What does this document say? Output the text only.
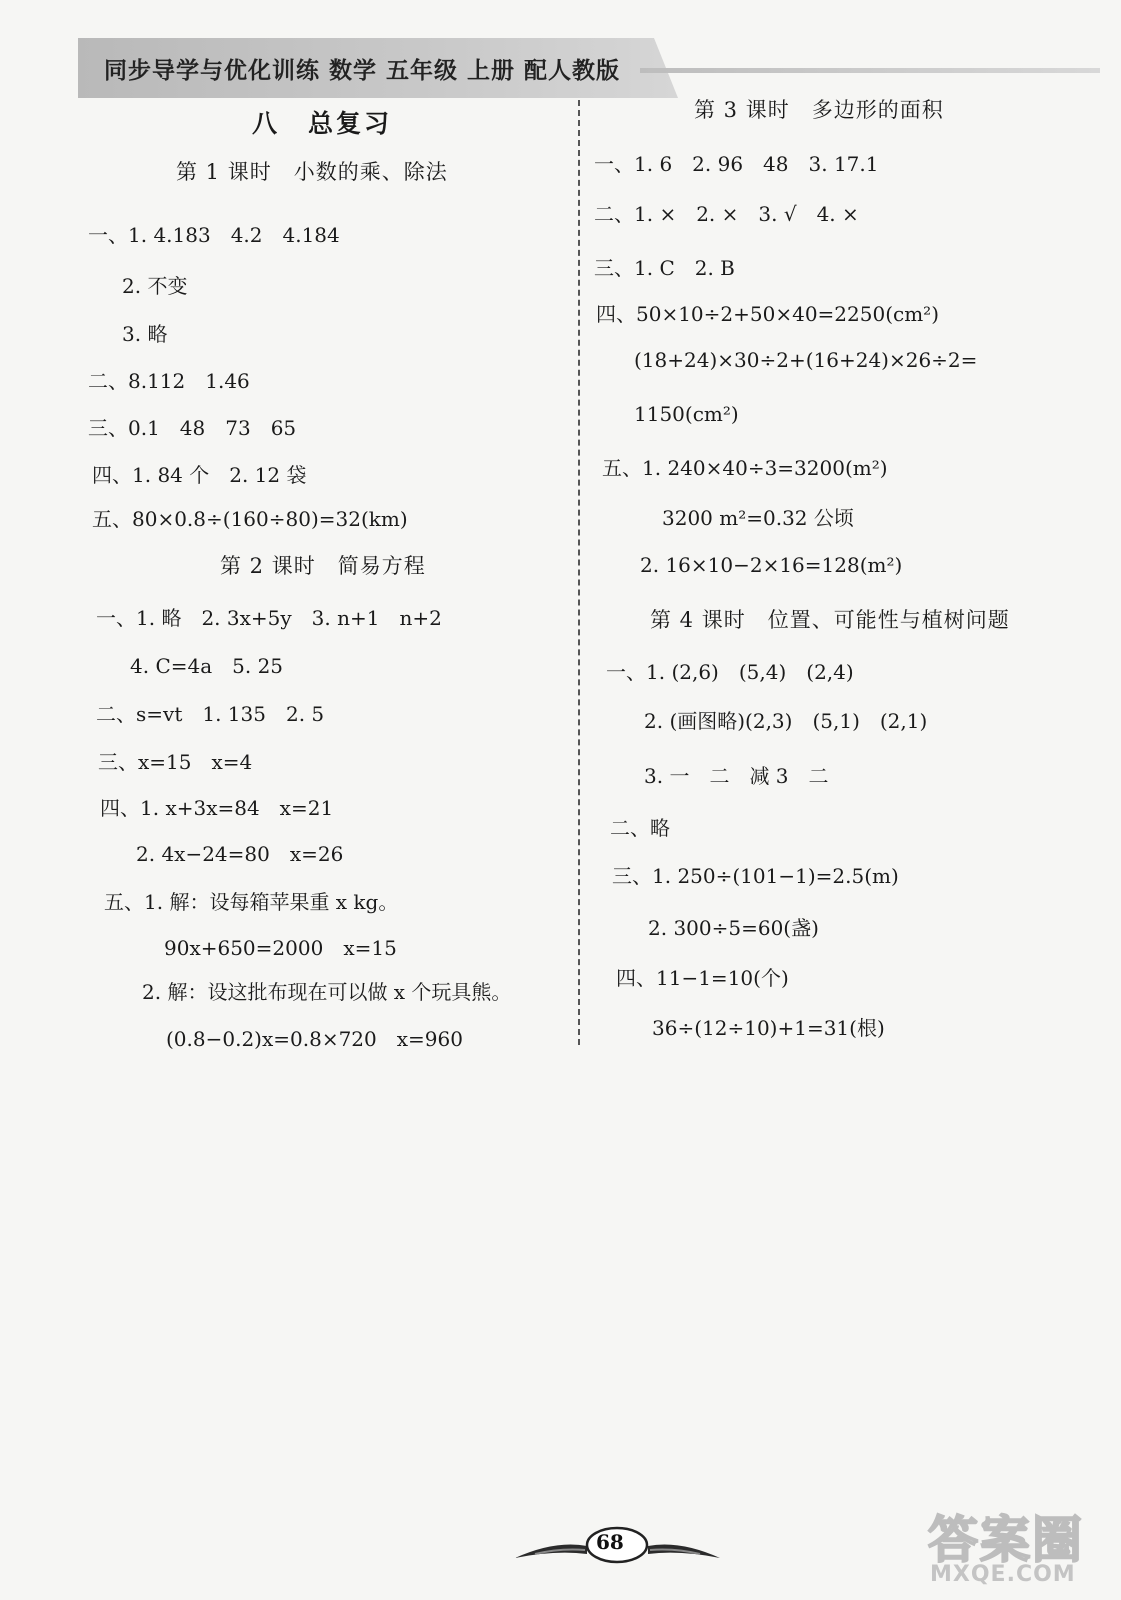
同步导学与优化训练 数学 五年级 上册 配人教版
八　总复习
第 1 课时　小数的乘、除法
一、1. 4.183　4.2　4.184
2. 不变
3. 略
二、8.112　1.46
三、0.1　48　73　65
四、1. 84 个　2. 12 袋
五、80×0.8÷(160÷80)=32(km)
第 2 课时　简易方程
一、1. 略　2. 3x+5y　3. n+1　n+2
4. C=4a　5. 25
二、s=vt　1. 135　2. 5
三、x=15　x=4
四、1. x+3x=84　x=21
2. 4x−24=80　x=26
五、1. 解：设每箱苹果重 x kg。
90x+650=2000　x=15
2. 解：设这批布现在可以做 x 个玩具熊。
(0.8−0.2)x=0.8×720　x=960
第 3 课时　多边形的面积
一、1. 6　2. 96　48　3. 17.1
二、1. ×　2. ×　3. √　4. ×
三、1. C　2. B
四、50×10÷2+50×40=2250(cm²)
(18+24)×30÷2+(16+24)×26÷2=
1150(cm²)
五、1. 240×40÷3=3200(m²)
3200 m²=0.32 公顷
2. 16×10−2×16=128(m²)
第 4 课时　位置、可能性与植树问题
一、1. (2,6)　(5,4)　(2,4)
2. (画图略)(2,3)　(5,1)　(2,1)
3. 一　二　减 3　二
二、略
三、1. 250÷(101−1)=2.5(m)
2. 300÷5=60(盏)
四、11−1=10(个)
36÷(12÷10)+1=31(根)
68	答案圈
MXQE.COM
